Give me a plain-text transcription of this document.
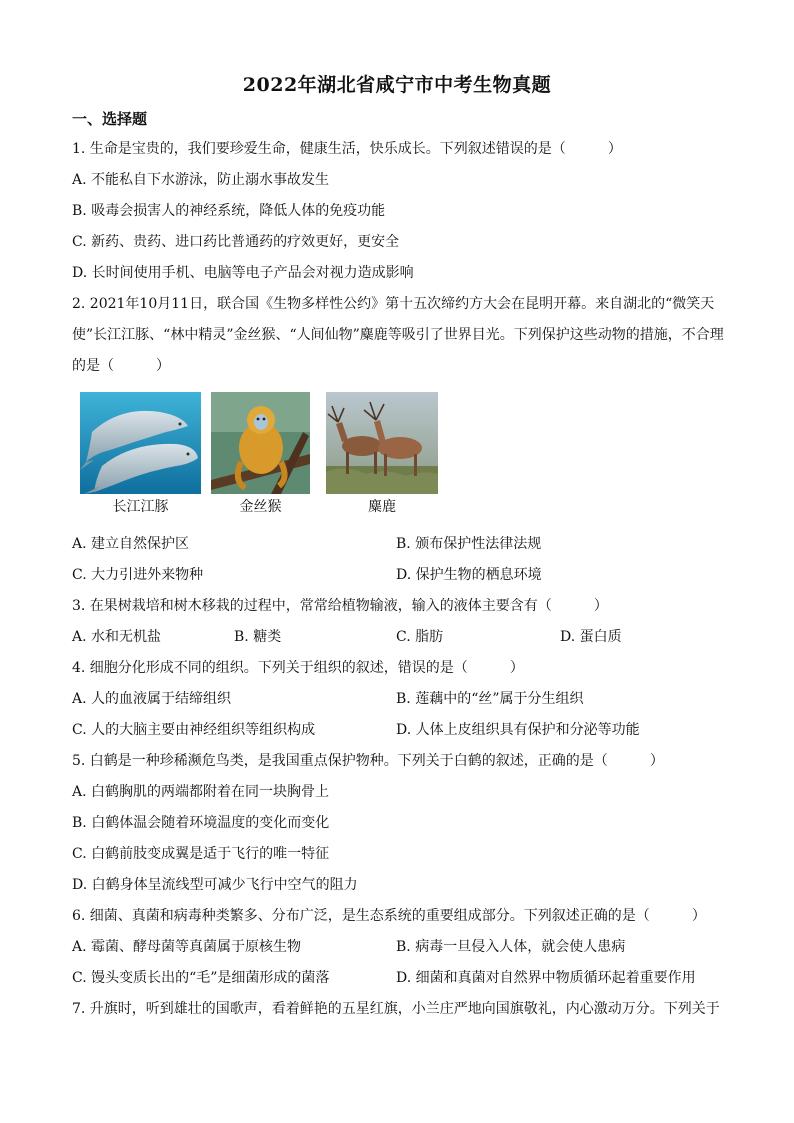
2022年湖北省咸宁市中考生物真题
一、选择题
1. 生命是宝贵的，我们要珍爱生命，健康生活，快乐成长。下列叙述错误的是（	）
A. 不能私自下水游泳，防止溺水事故发生
B. 吸毒会损害人的神经系统，降低人体的免疫功能
C. 新药、贵药、进口药比普通药的疗效更好，更安全
D. 长时间使用手机、电脑等电子产品会对视力造成影响
2. 2021年10月11日，联合国《生物多样性公约》第十五次缔约方大会在昆明开幕。来自湖北的“微笑天
使”长江江豚、“林中精灵”金丝猴、“人间仙物”麋鹿等吸引了世界目光。下列保护这些动物的措施，不合理
的是（	）
长江江豚	金丝猴	麋鹿
A. 建立自然保护区	B. 颁布保护性法律法规
C. 大力引进外来物种	D. 保护生物的栖息环境
3. 在果树栽培和树木移栽的过程中，常常给植物输液，输入的液体主要含有（	）
A. 水和无机盐	B. 糖类	C. 脂肪	D. 蛋白质
4. 细胞分化形成不同的组织。下列关于组织的叙述，错误的是（	）
A. 人的血液属于结缔组织	B. 莲藕中的“丝”属于分生组织
C. 人的大脑主要由神经组织等组织构成	D. 人体上皮组织具有保护和分泌等功能
5. 白鹤是一种珍稀濒危鸟类，是我国重点保护物种。下列关于白鹤的叙述，正确的是（	）
A. 白鹤胸肌的两端都附着在同一块胸骨上
B. 白鹤体温会随着环境温度的变化而变化
C. 白鹤前肢变成翼是适于飞行的唯一特征
D. 白鹤身体呈流线型可减少飞行中空气的阻力
6. 细菌、真菌和病毒种类繁多、分布广泛，是生态系统的重要组成部分。下列叙述正确的是（	）
A. 霉菌、酵母菌等真菌属于原核生物	B. 病毒一旦侵入人体，就会使人患病
C. 馒头变质长出的“毛”是细菌形成的菌落	D. 细菌和真菌对自然界中物质循环起着重要作用
7. 升旗时，听到雄壮的国歌声，看着鲜艳的五星红旗，小兰庄严地向国旗敬礼，内心激动万分。下列关于
